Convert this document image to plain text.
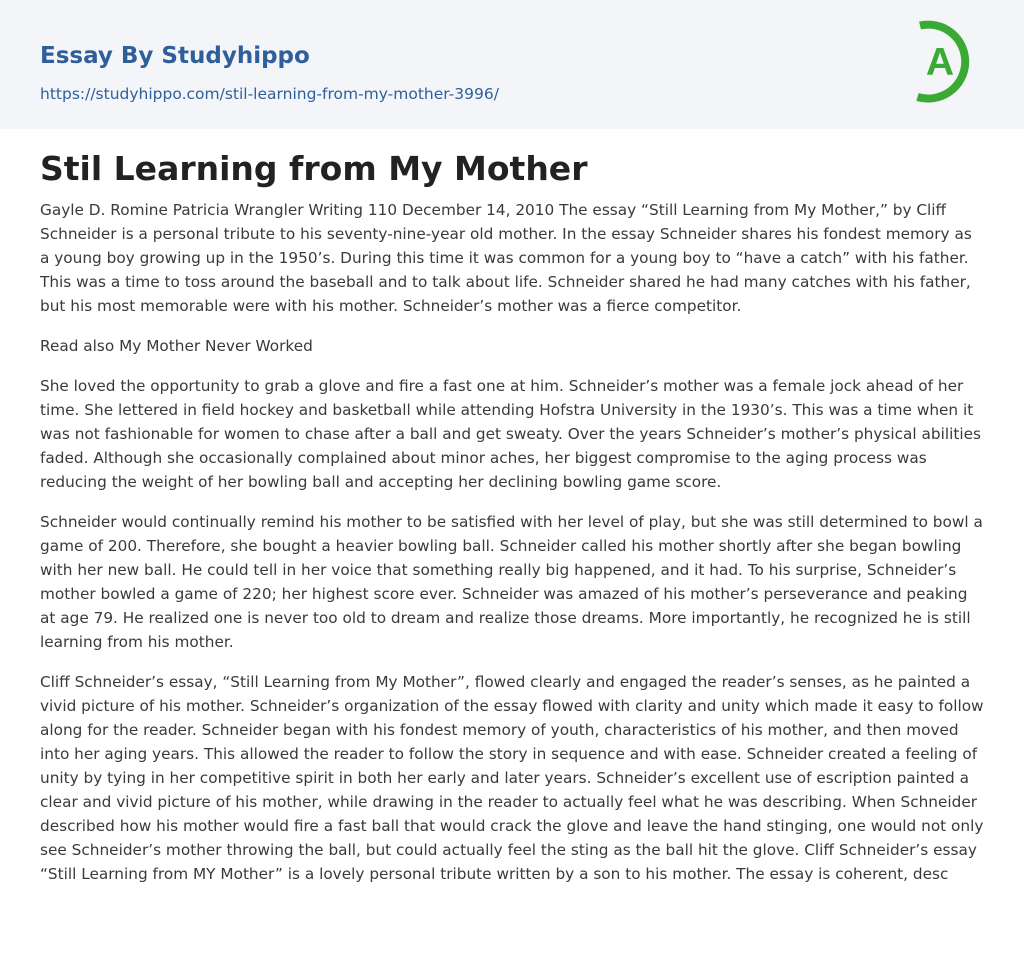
Essay By Studyhippo
https://studyhippo.com/stil-learning-from-my-mother-3996/
A
Stil Learning from My Mother

Gayle D. Romine Patricia Wrangler Writing 110 December 14, 2010 The essay “Still Learning from My Mother,” by Cliff Schneider is a personal tribute to his seventy-nine-year old mother. In the essay Schneider shares his fondest memory as a young boy growing up in the 1950’s. During this time it was common for a young boy to “have a catch” with his father. This was a time to toss around the baseball and to talk about life. Schneider shared he had many catches with his father, but his most memorable were with his mother. Schneider’s mother was a fierce competitor.

Read also My Mother Never Worked

She loved the opportunity to grab a glove and fire a fast one at him. Schneider’s mother was a female jock ahead of her time. She lettered in field hockey and basketball while attending Hofstra University in the 1930’s. This was a time when it was not fashionable for women to chase after a ball and get sweaty. Over the years Schneider’s mother’s physical abilities faded. Although she occasionally complained about minor aches, her biggest compromise to the aging process was reducing the weight of her bowling ball and accepting her declining bowling game score.

Schneider would continually remind his mother to be satisfied with her level of play, but she was still determined to bowl a game of 200. Therefore, she bought a heavier bowling ball. Schneider called his mother shortly after she began bowling with her new ball. He could tell in her voice that something really big happened, and it had. To his surprise, Schneider’s mother bowled a game of 220; her highest score ever. Schneider was amazed of his mother’s perseverance and peaking at age 79. He realized one is never too old to dream and realize those dreams. More importantly, he recognized he is still learning from his mother.

Cliff Schneider’s essay, “Still Learning from My Mother”, flowed clearly and engaged the reader’s senses, as he painted a vivid picture of his mother. Schneider’s organization of the essay flowed with clarity and unity which made it easy to follow along for the reader. Schneider began with his fondest memory of youth, characteristics of his mother, and then moved into her aging years. This allowed the reader to follow the story in sequence and with ease. Schneider created a feeling of unity by tying in her competitive spirit in both her early and later years. Schneider’s excellent use of escription painted a clear and vivid picture of his mother, while drawing in the reader to actually feel what he was describing. When Schneider described how his mother would fire a fast ball that would crack the glove and leave the hand stinging, one would not only see Schneider’s mother throwing the ball, but could actually feel the sting as the ball hit the glove. Cliff Schneider’s essay “Still Learning from MY Mother” is a lovely personal tribute written by a son to his mother. The essay is coherent, desc
